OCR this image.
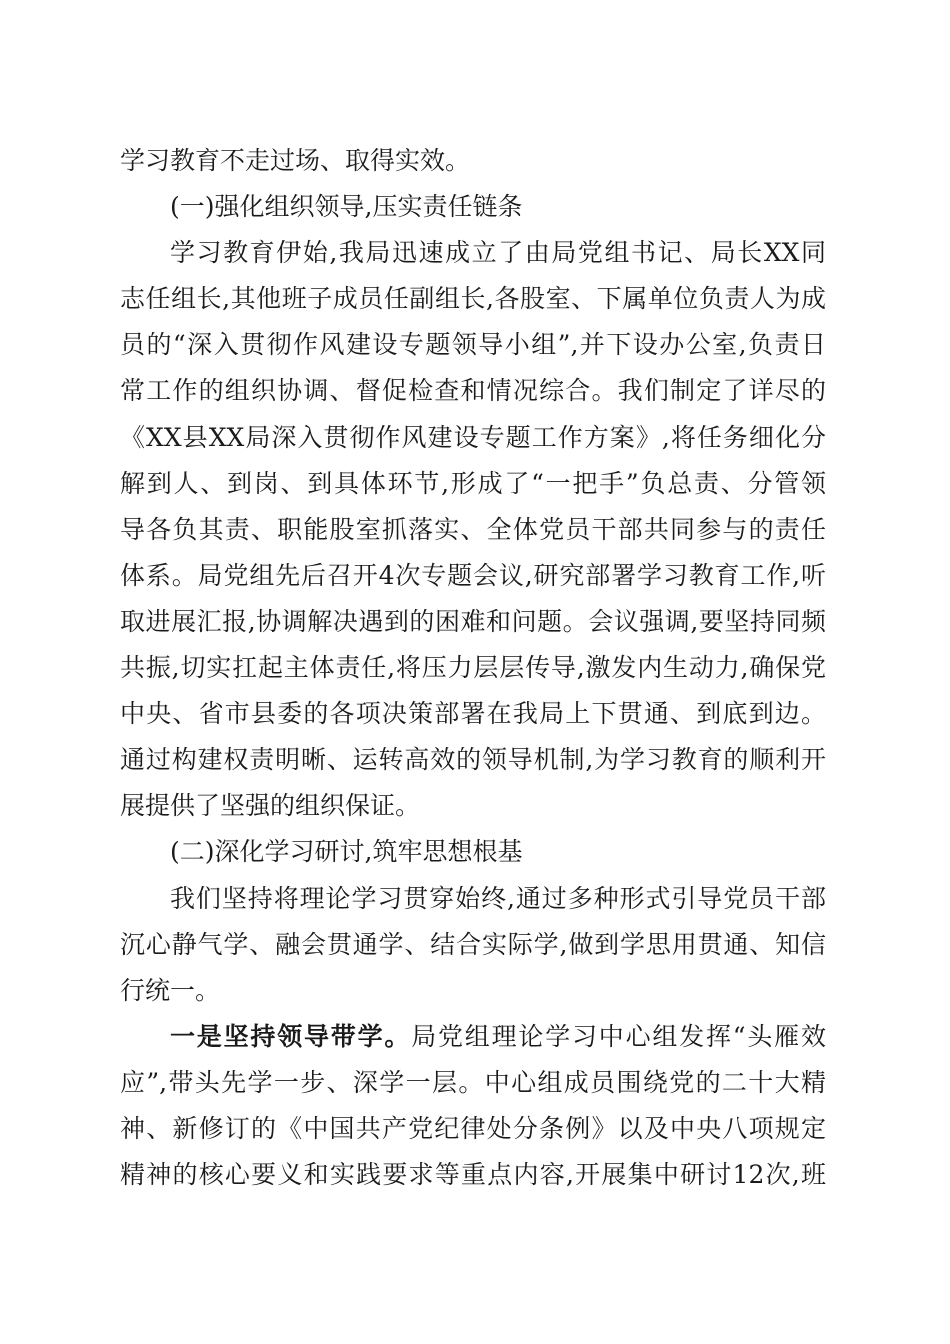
学习教育不走过场、取得实效。
(一)强化组织领导,压实责任链条
学习教育伊始,我局迅速成立了由局党组书记、局长XX同
志任组长,其他班子成员任副组长,各股室、下属单位负责人为成
员的“深入贯彻作风建设专题领导小组”,并下设办公室,负责日
常工作的组织协调、督促检查和情况综合。我们制定了详尽的
《XX县XX局深入贯彻作风建设专题工作方案》,将任务细化分
解到人、到岗、到具体环节,形成了“一把手”负总责、分管领
导各负其责、职能股室抓落实、全体党员干部共同参与的责任
体系。局党组先后召开4次专题会议,研究部署学习教育工作,听
取进展汇报,协调解决遇到的困难和问题。会议强调,要坚持同频
共振,切实扛起主体责任,将压力层层传导,激发内生动力,确保党
中央、省市县委的各项决策部署在我局上下贯通、到底到边。
通过构建权责明晰、运转高效的领导机制,为学习教育的顺利开
展提供了坚强的组织保证。
(二)深化学习研讨,筑牢思想根基
我们坚持将理论学习贯穿始终,通过多种形式引导党员干部
沉心静气学、融会贯通学、结合实际学,做到学思用贯通、知信
行统一。
一是坚持领导带学。局党组理论学习中心组发挥“头雁效
应”,带头先学一步、深学一层。中心组成员围绕党的二十大精
神、新修订的《中国共产党纪律处分条例》以及中央八项规定
精神的核心要义和实践要求等重点内容,开展集中研讨12次,班
